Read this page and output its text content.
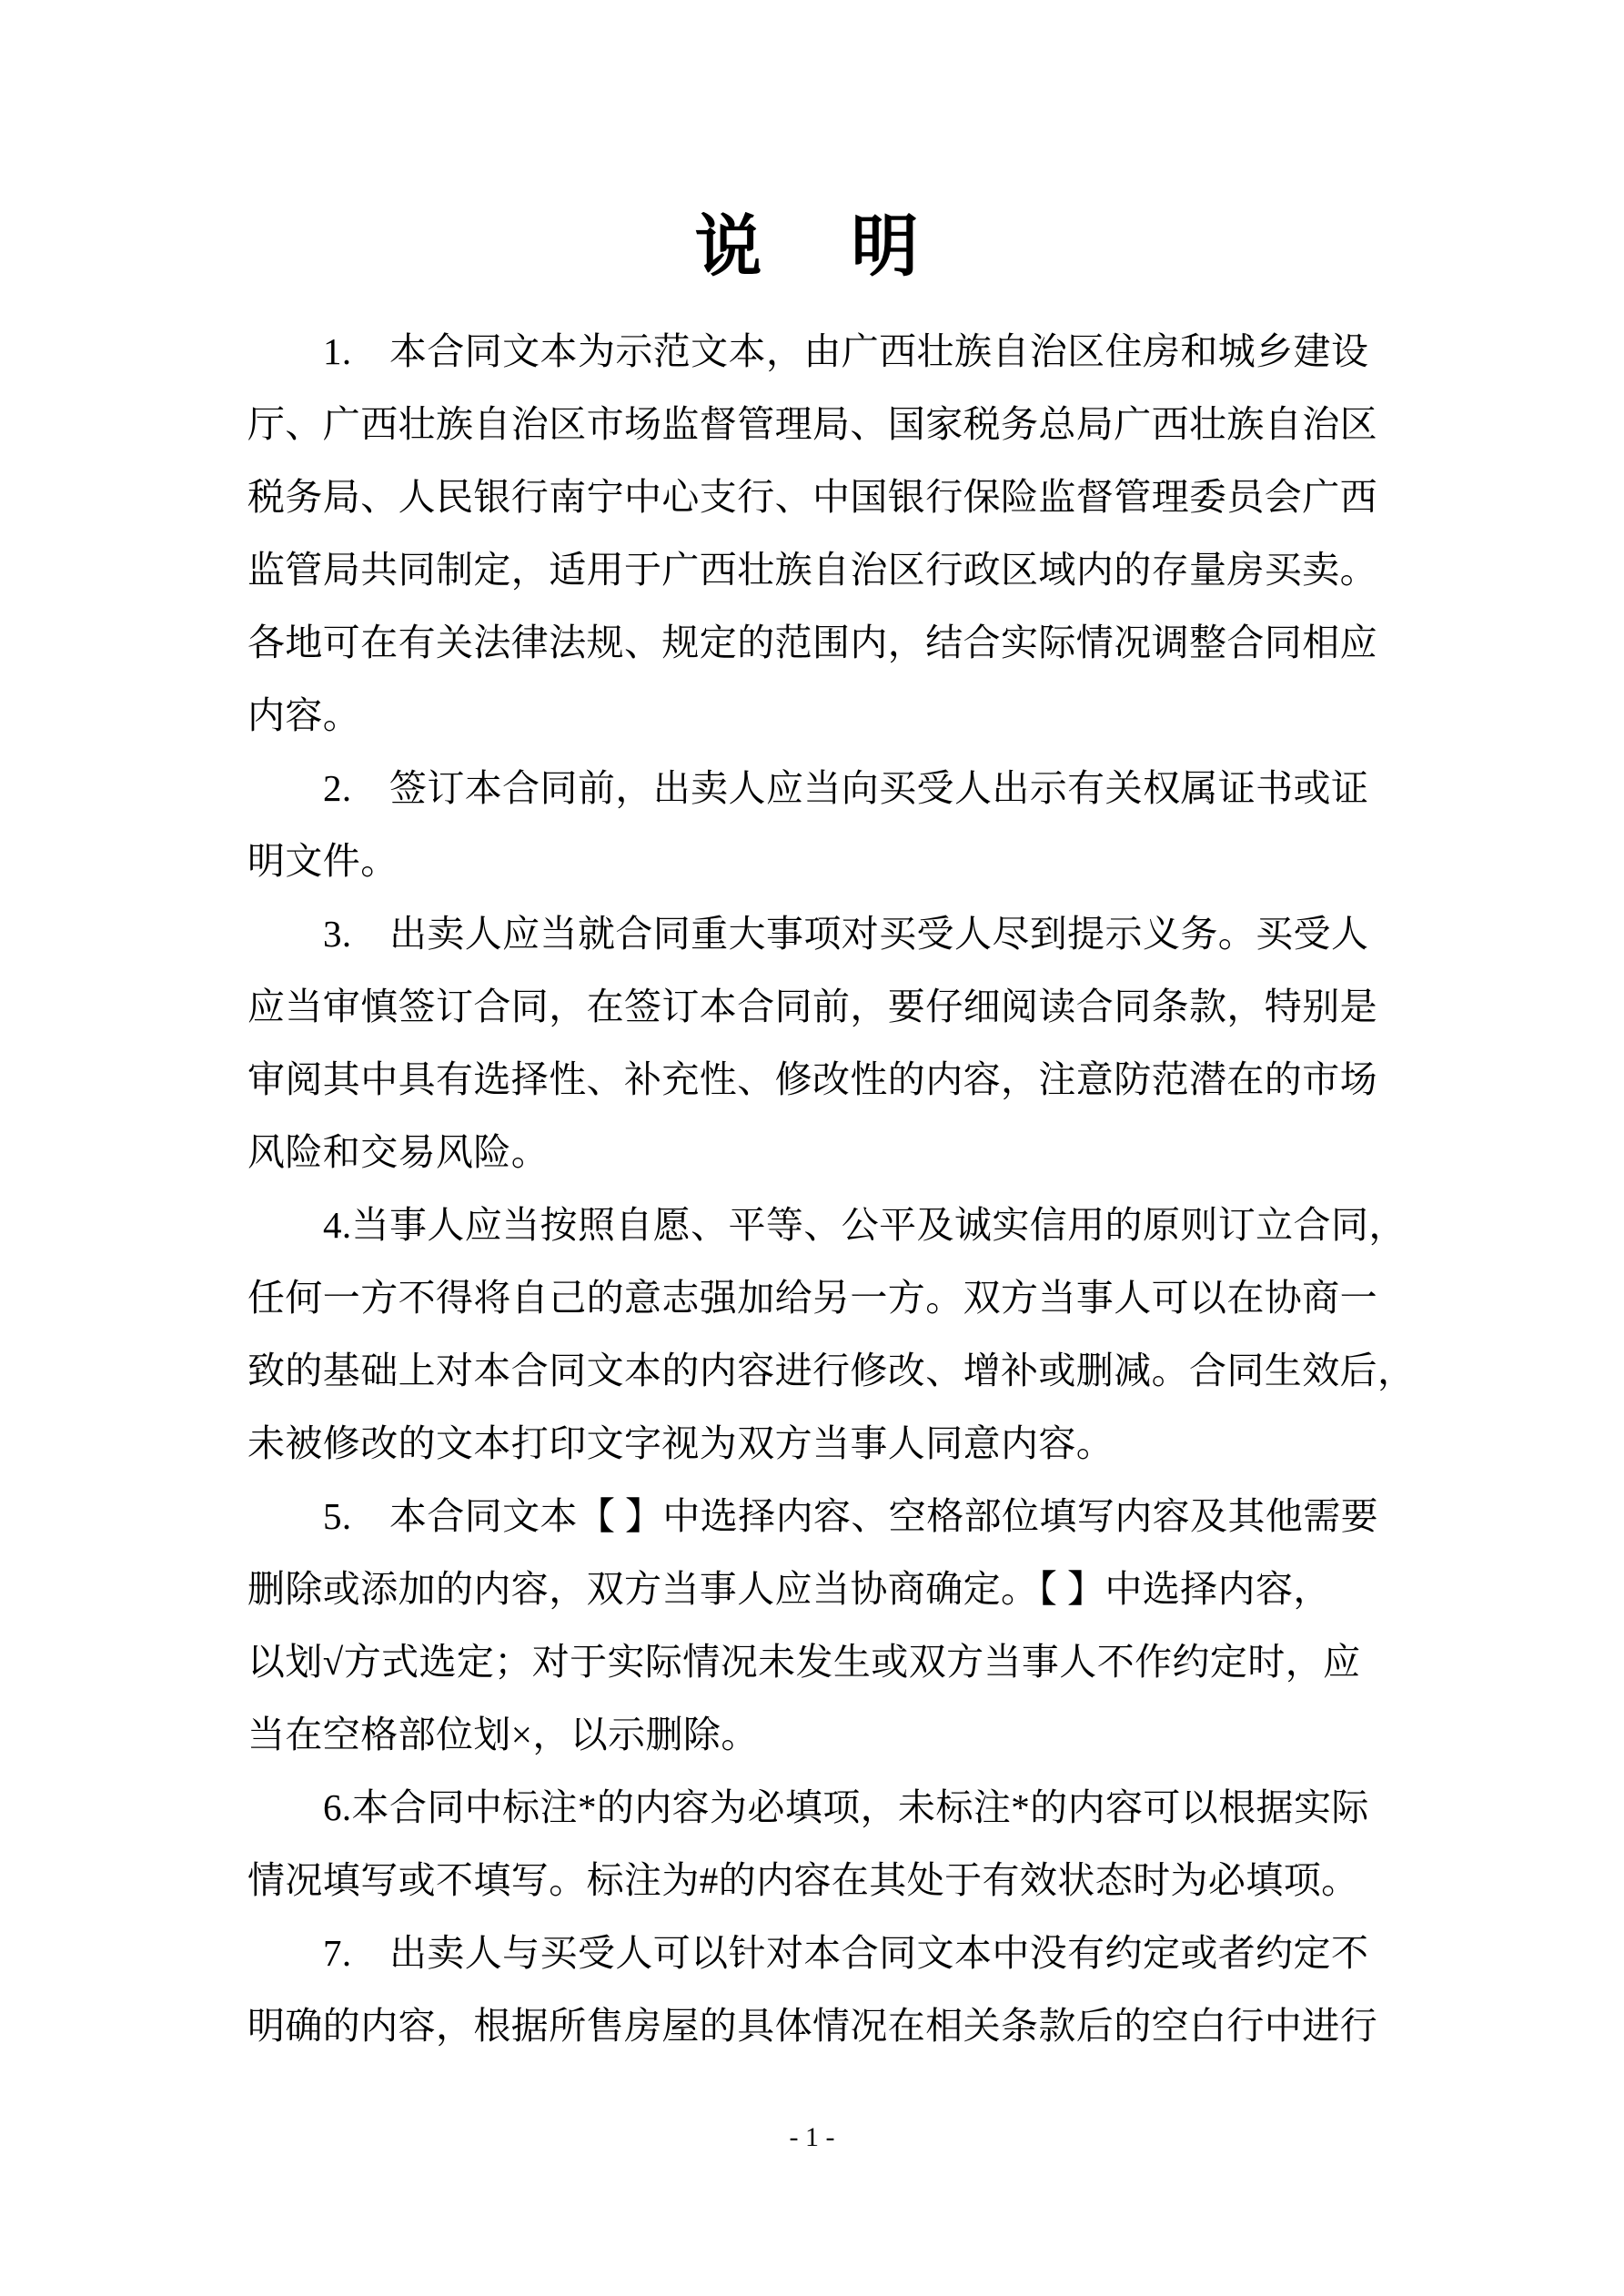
说　明
1.　本合同文本为示范文本，由广西壮族自治区住房和城乡建设
厅、广西壮族自治区市场监督管理局、国家税务总局广西壮族自治区
税务局、人民银行南宁中心支行、中国银行保险监督管理委员会广西
监管局共同制定，适用于广西壮族自治区行政区域内的存量房买卖。
各地可在有关法律法规、规定的范围内，结合实际情况调整合同相应
内容。
2.　签订本合同前，出卖人应当向买受人出示有关权属证书或证
明文件。
3.　出卖人应当就合同重大事项对买受人尽到提示义务。买受人
应当审慎签订合同，在签订本合同前，要仔细阅读合同条款，特别是
审阅其中具有选择性、补充性、修改性的内容，注意防范潜在的市场
风险和交易风险。
4.当事人应当按照自愿、平等、公平及诚实信用的原则订立合同，
任何一方不得将自己的意志强加给另一方。双方当事人可以在协商一
致的基础上对本合同文本的内容进行修改、增补或删减。合同生效后，
未被修改的文本打印文字视为双方当事人同意内容。
5.　本合同文本【 】中选择内容、空格部位填写内容及其他需要
删除或添加的内容，双方当事人应当协商确定。【 】中选择内容，
以划√方式选定；对于实际情况未发生或双方当事人不作约定时，应
当在空格部位划×，以示删除。
6.本合同中标注*的内容为必填项，未标注*的内容可以根据实际
情况填写或不填写。标注为#的内容在其处于有效状态时为必填项。
7.　出卖人与买受人可以针对本合同文本中没有约定或者约定不
明确的内容，根据所售房屋的具体情况在相关条款后的空白行中进行
- 1 -
